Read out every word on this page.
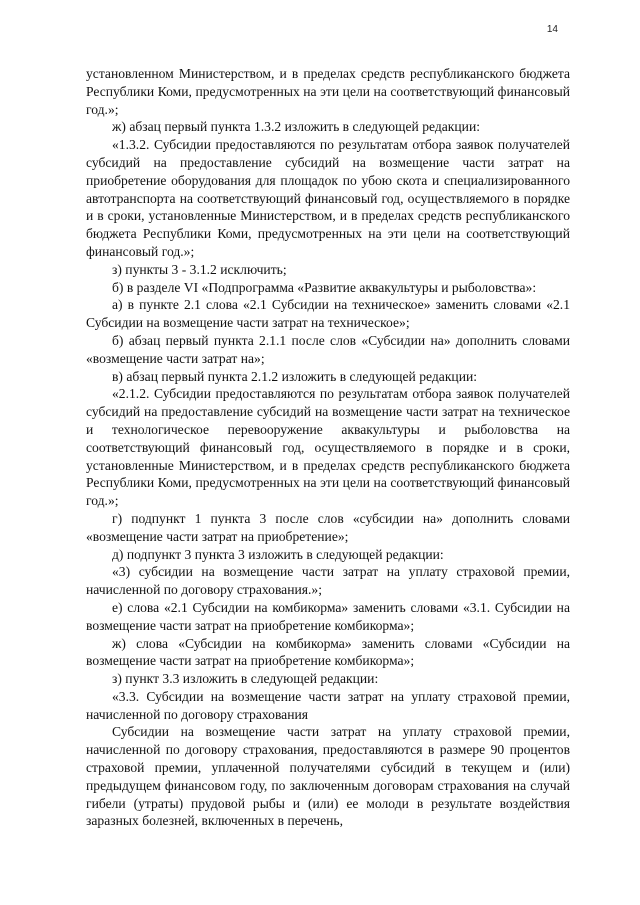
14

установленном Министерством, и в пределах средств республиканского бюджета Республики Коми, предусмотренных на эти цели на соответствующий финансовый год.»;

ж) абзац первый пункта 1.3.2 изложить в следующей редакции:

«1.3.2. Субсидии предоставляются по результатам отбора заявок получателей субсидий на предоставление субсидий на возмещение части затрат на приобретение оборудования для площадок по убою скота и специализированного автотранспорта на соответствующий финансовый год, осуществляемого в порядке и в сроки, установленные Министерством, и в пределах средств республиканского бюджета Республики Коми, предусмотренных на эти цели на соответствующий финансовый год.»;

з) пункты 3 - 3.1.2 исключить;

б) в разделе VI «Подпрограмма «Развитие аквакультуры и рыболовства»:

а) в пункте 2.1 слова «2.1 Субсидии на техническое» заменить словами «2.1 Субсидии на возмещение части затрат на техническое»;

б) абзац первый пункта 2.1.1 после слов «Субсидии на» дополнить словами «возмещение части затрат на»;

в) абзац первый пункта 2.1.2 изложить в следующей редакции:

«2.1.2. Субсидии предоставляются по результатам отбора заявок получателей субсидий на предоставление субсидий на возмещение части затрат на техническое и технологическое перевооружение аквакультуры и рыболовства на соответствующий финансовый год, осуществляемого в порядке и в сроки, установленные Министерством, и в пределах средств республиканского бюджета Республики Коми, предусмотренных на эти цели на соответствующий финансовый год.»;

г) подпункт 1 пункта 3 после слов «субсидии на» дополнить словами «возмещение части затрат на приобретение»;

д) подпункт 3 пункта 3 изложить в следующей редакции:

«3) субсидии на возмещение части затрат на уплату страховой премии, начисленной по договору страхования.»;

е) слова «2.1 Субсидии на комбикорма» заменить словами «3.1. Субсидии на возмещение части затрат на приобретение комбикорма»;

ж) слова «Субсидии на комбикорма» заменить словами «Субсидии на возмещение части затрат на приобретение комбикорма»;

з) пункт 3.3 изложить в следующей редакции:

«3.3. Субсидии на возмещение части затрат на уплату страховой премии, начисленной по договору страхования

Субсидии на возмещение части затрат на уплату страховой премии, начисленной по договору страхования, предоставляются в размере 90 процентов страховой премии, уплаченной получателями субсидий в текущем и (или) предыдущем финансовом году, по заключенным договорам страхования на случай гибели (утраты) прудовой рыбы и (или) ее молоди в результате воздействия заразных болезней, включенных в перечень,
